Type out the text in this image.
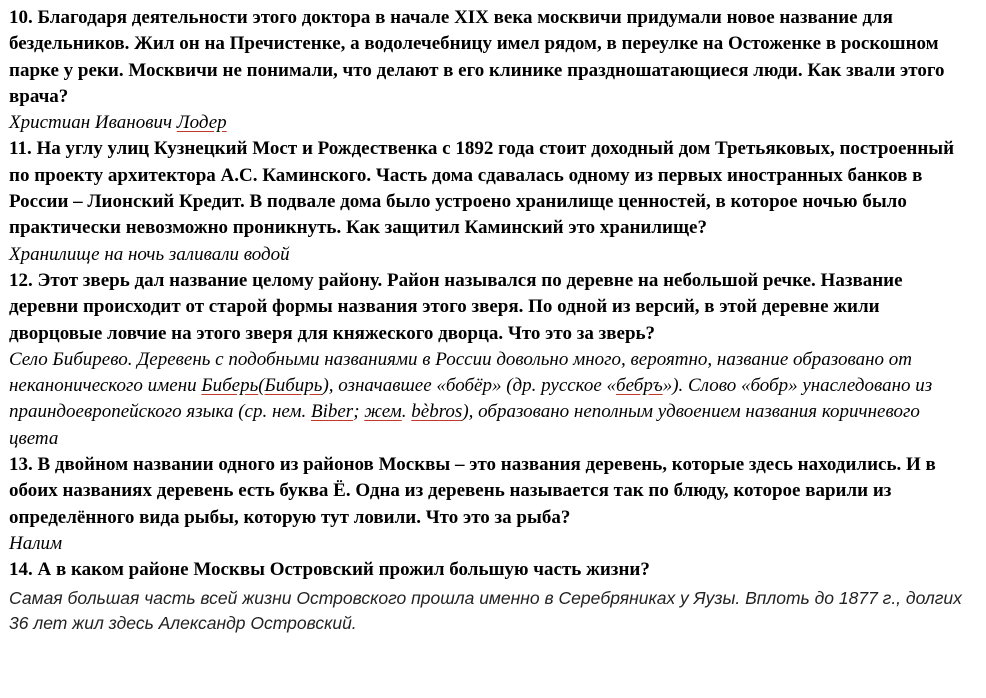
10. Благодаря деятельности этого доктора в начале XIX века москвичи придумали новое название для бездельников. Жил он на Пречистенке, а водолечебницу имел рядом, в переулке на Остоженке в роскошном парке у реки. Москвичи не понимали, что делают в его клинике праздношатающиеся люди. Как звали этого врача?

Христиан Иванович Лодер

11. На углу улиц Кузнецкий Мост и Рождественка с 1892 года стоит доходный дом Третьяковых, построенный по проекту архитектора А.С. Каминского. Часть дома сдавалась одному из первых иностранных банков в России – Лионский Кредит. В подвале дома было устроено хранилище ценностей, в которое ночью было практически невозможно проникнуть. Как защитил Каминский это хранилище?

Хранилище на ночь заливали водой

12. Этот зверь дал название целому району. Район назывался по деревне на небольшой речке. Название деревни происходит от старой формы названия этого зверя. По одной из версий, в этой деревне жили дворцовые ловчие на этого зверя для княжеского дворца. Что это за зверь?

Село Бибирево. Деревень с подобными названиями в России довольно много, вероятно, название образовано от неканонического имени Биберь(Бибирь), означавшее «бобёр» (др. русское «бебръ»). Слово «бобр» унаследовано из праиндоевропейского языка (ср. нем. Biber; жем. bèbros), образовано неполным удвоением названия коричневого цвета

13. В двойном названии одного из районов Москвы – это названия деревень, которые здесь находились. И в обоих названиях деревень есть буква Ё. Одна из деревень называется так по блюду, которое варили из определённого вида рыбы, которую тут ловили. Что это за рыба?

Налим

14. А в каком районе Москвы Островский прожил большую часть жизни?

Самая большая часть всей жизни Островского прошла именно в Серебряниках у Яузы. Вплоть до 1877 г., долгих 36 лет жил здесь Александр Островский.
